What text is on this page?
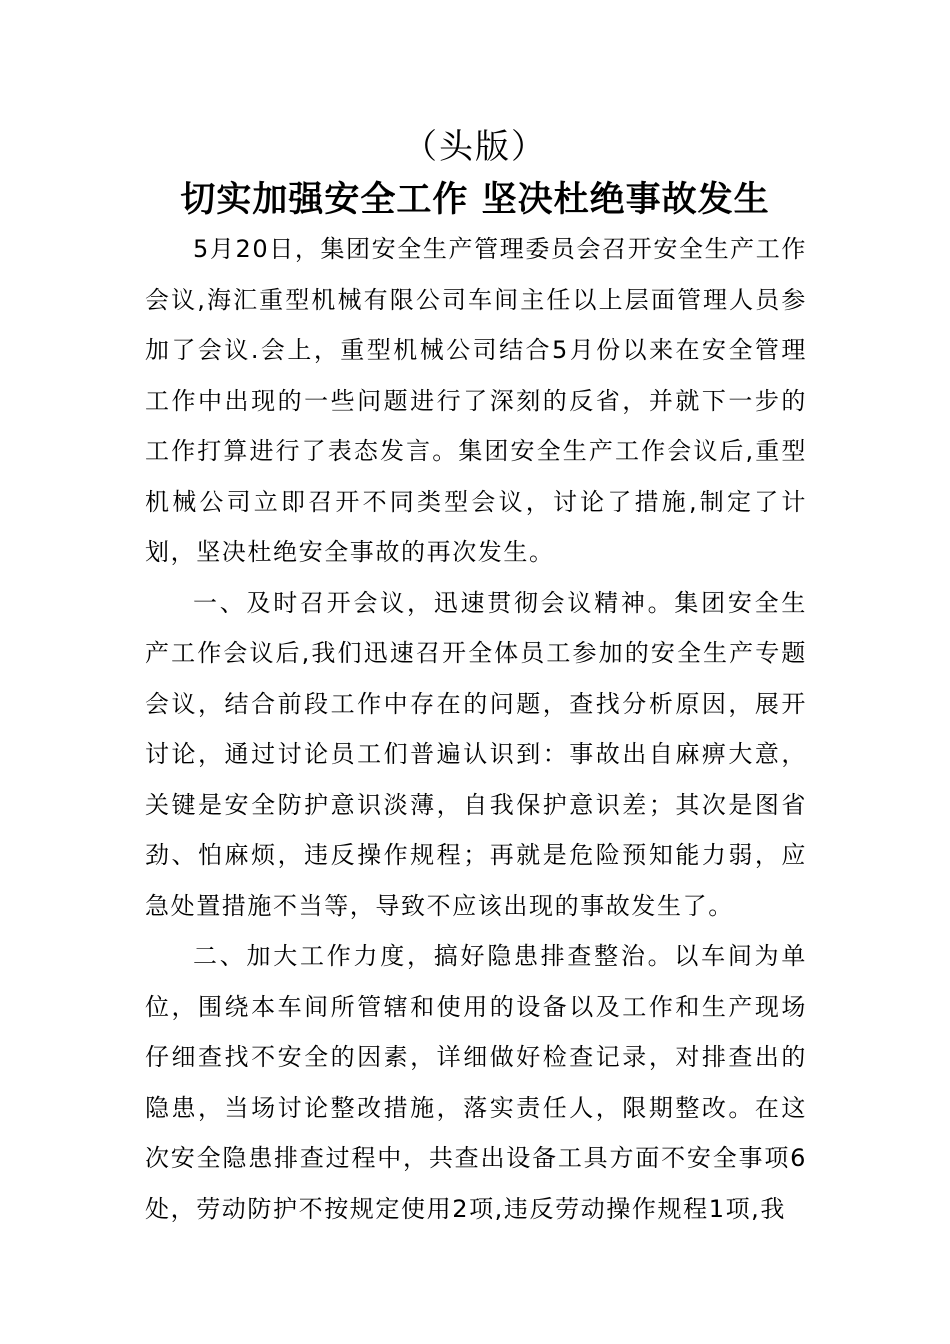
（头版）
切实加强安全工作 坚决杜绝事故发生

5月20日，集团安全生产管理委员会召开安全生产工作会议,海汇重型机械有限公司车间主任以上层面管理人员参加了会议.会上，重型机械公司结合5月份以来在安全管理工作中出现的一些问题进行了深刻的反省，并就下一步的工作打算进行了表态发言。集团安全生产工作会议后,重型机械公司立即召开不同类型会议，讨论了措施,制定了计划，坚决杜绝安全事故的再次发生。

一、及时召开会议，迅速贯彻会议精神。集团安全生产工作会议后,我们迅速召开全体员工参加的安全生产专题会议，结合前段工作中存在的问题，查找分析原因，展开讨论，通过讨论员工们普遍认识到：事故出自麻痹大意，关键是安全防护意识淡薄，自我保护意识差；其次是图省劲、怕麻烦，违反操作规程；再就是危险预知能力弱，应急处置措施不当等，导致不应该出现的事故发生了。

二、加大工作力度，搞好隐患排查整治。以车间为单位，围绕本车间所管辖和使用的设备以及工作和生产现场仔细查找不安全的因素，详细做好检查记录，对排查出的隐患，当场讨论整改措施，落实责任人，限期整改。在这次安全隐患排查过程中，共查出设备工具方面不安全事项6处，劳动防护不按规定使用2项,违反劳动操作规程1项,我
